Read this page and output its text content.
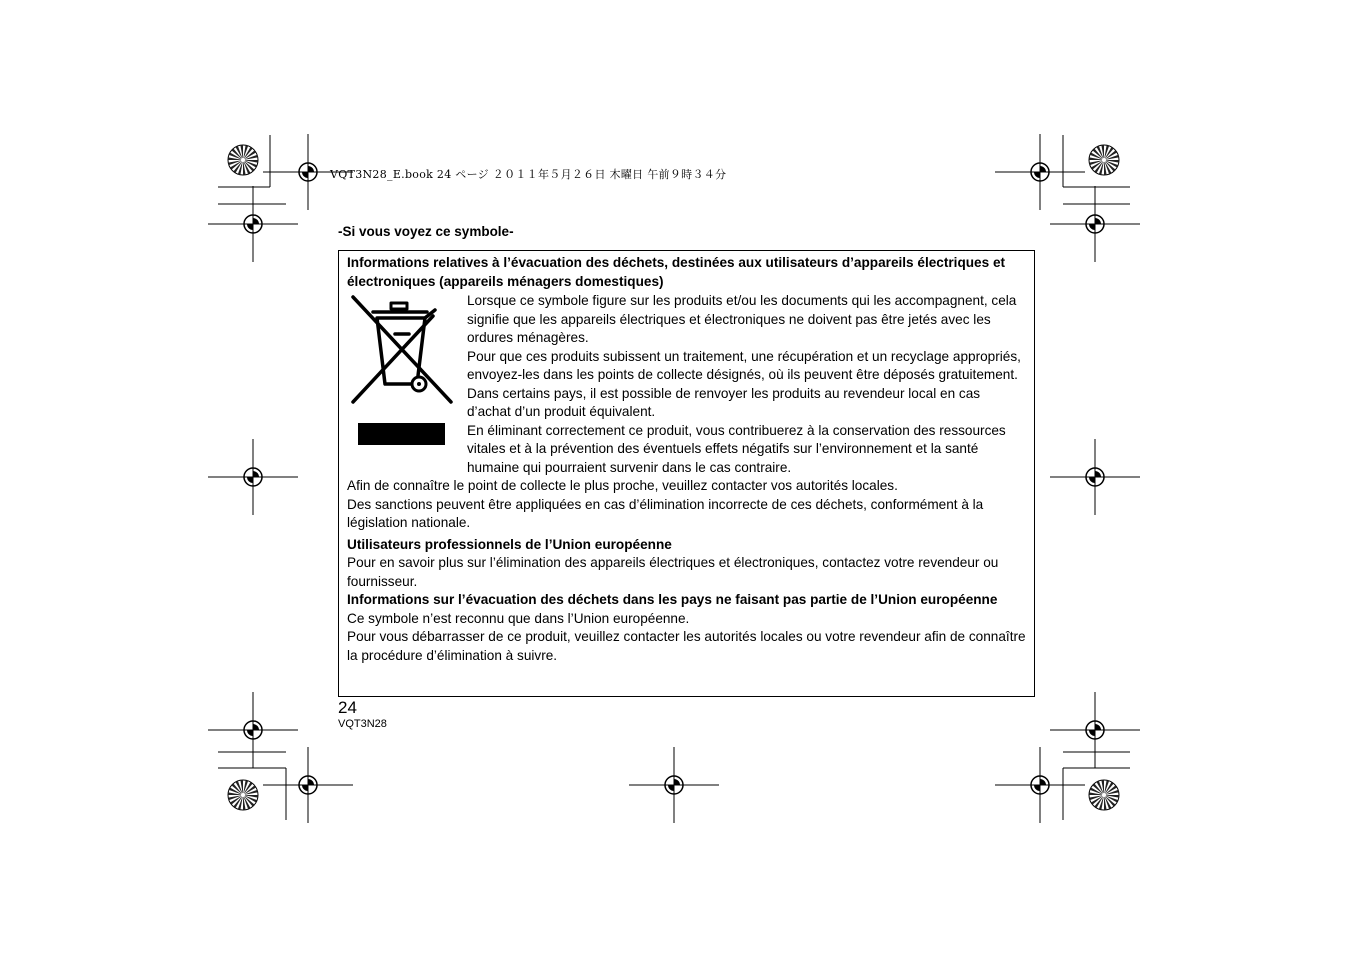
VQT3N28_E.book 24 ページ ２０１１年５月２６日 木曜日 午前９時３４分
-Si vous voyez ce symbole-

Informations relatives à l’évacuation des déchets, destinées aux utilisateurs d’appareils électriques et électroniques (appareils ménagers domestiques)

Lorsque ce symbole figure sur les produits et/ou les documents qui les accompagnent, cela signifie que les appareils électriques et électroniques ne doivent pas être jetés avec les ordures ménagères.

Pour que ces produits subissent un traitement, une récupération et un recyclage appropriés, envoyez-les dans les points de collecte désignés, où ils peuvent être déposés gratuitement. Dans certains pays, il est possible de renvoyer les produits au revendeur local en cas d’achat d’un produit équivalent.

En éliminant correctement ce produit, vous contribuerez à la conservation des ressources vitales et à la prévention des éventuels effets négatifs sur l’environnement et la santé humaine qui pourraient survenir dans le cas contraire.

Afin de connaître le point de collecte le plus proche, veuillez contacter vos autorités locales.

Des sanctions peuvent être appliquées en cas d’élimination incorrecte de ces déchets, conformément à la législation nationale.

Utilisateurs professionnels de l’Union européenne

Pour en savoir plus sur l’élimination des appareils électriques et électroniques, contactez votre revendeur ou fournisseur.

Informations sur l’évacuation des déchets dans les pays ne faisant pas partie de l’Union européenne

Ce symbole n’est reconnu que dans l’Union européenne.

Pour vous débarrasser de ce produit, veuillez contacter les autorités locales ou votre revendeur afin de connaître la procédure d’élimination à suivre.

24
VQT3N28
